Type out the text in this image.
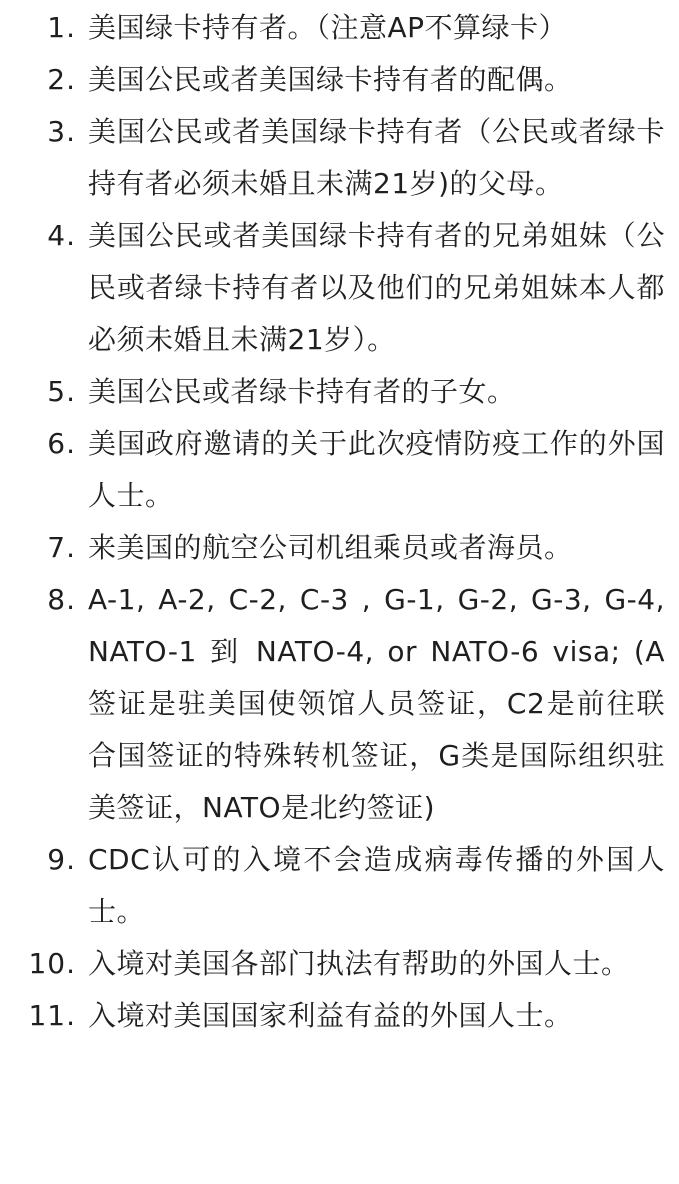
1. 美国绿卡持有者。（注意AP不算绿卡）
2. 美国公民或者美国绿卡持有者的配偶。
3. 美国公民或者美国绿卡持有者（公民或者绿卡持有者必须未婚且未满21岁)的父母。
4. 美国公民或者美国绿卡持有者的兄弟姐妹（公民或者绿卡持有者以及他们的兄弟姐妹本人都必须未婚且未满21岁）。
5. 美国公民或者绿卡持有者的子女。
6. 美国政府邀请的关于此次疫情防疫工作的外国人士。
7. 来美国的航空公司机组乘员或者海员。
8. A-1, A-2, C-2, C-3 , G-1, G-2, G-3, G-4, NATO-1 到 NATO-4, or NATO-6 visa; (A签证是驻美国使领馆人员签证，C2是前往联合国签证的特殊转机签证，G类是国际组织驻美签证，NATO是北约签证)
9. CDC认可的入境不会造成病毒传播的外国人士。
10. 入境对美国各部门执法有帮助的外国人士。
11. 入境对美国国家利益有益的外国人士。
